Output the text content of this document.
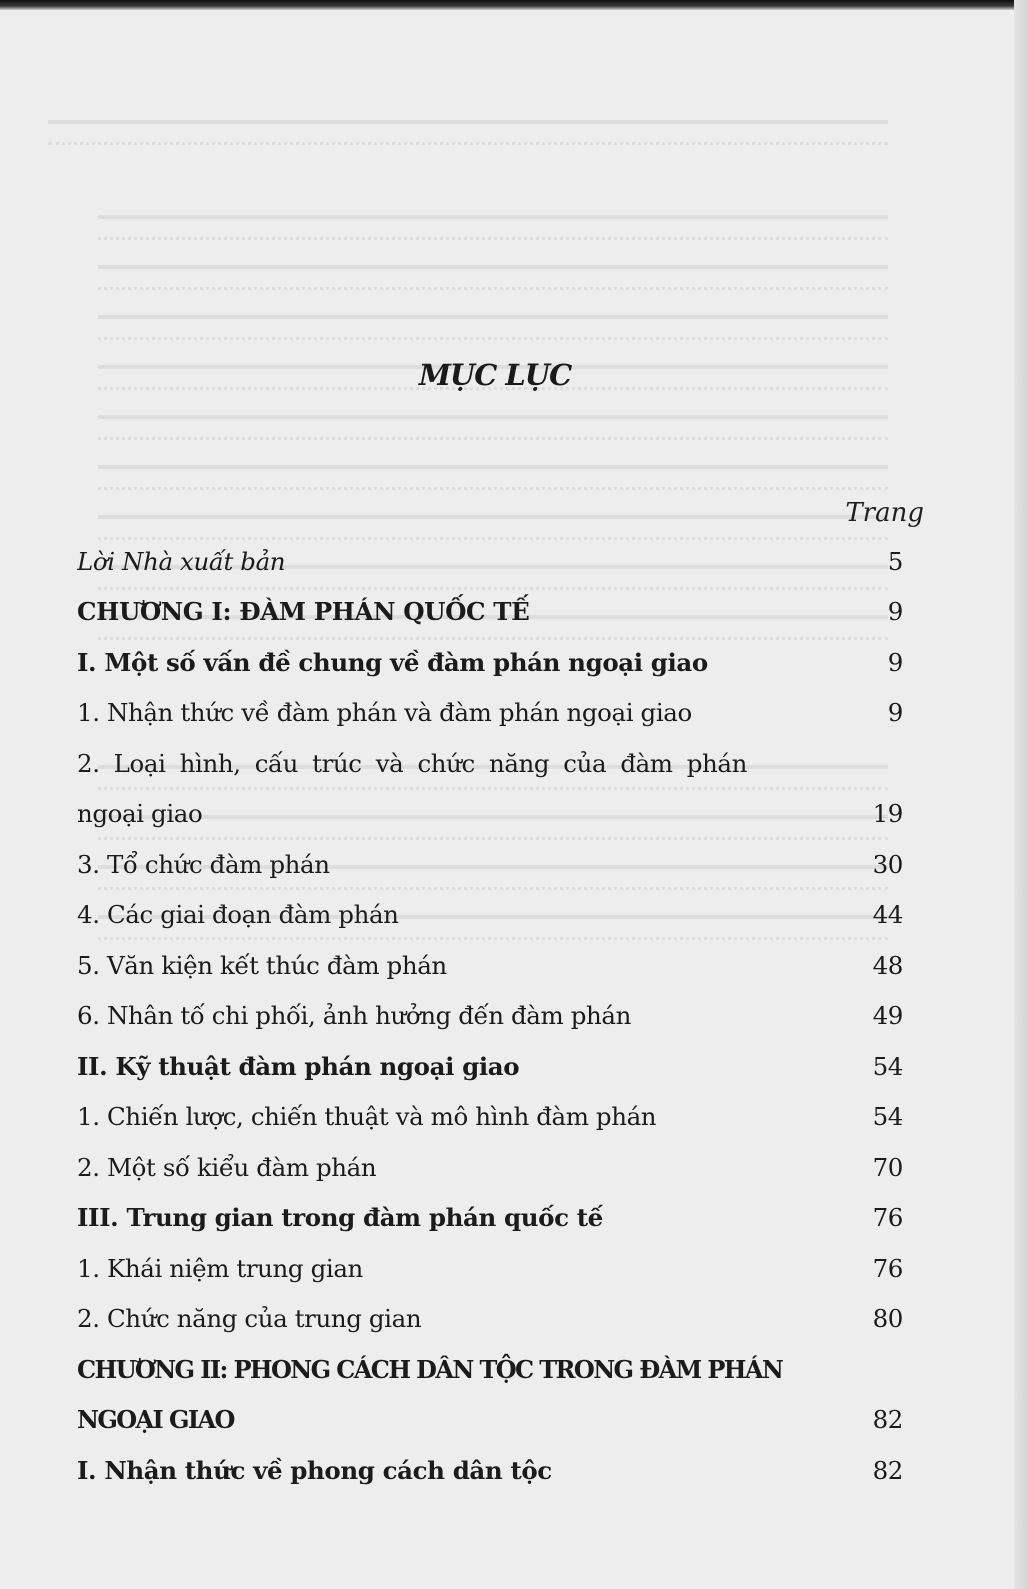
MỤC LỤC
Trang
Lời Nhà xuất bản	5
CHƯƠNG I: ĐÀM PHÁN QUỐC TẾ	9
I. Một số vấn đề chung về đàm phán ngoại giao	9
1. Nhận thức về đàm phán và đàm phán ngoại giao	9
2. Loại hình, cấu trúc và chức năng của đàm phán
ngoại giao	19
3. Tổ chức đàm phán	30
4. Các giai đoạn đàm phán	44
5. Văn kiện kết thúc đàm phán	48
6. Nhân tố chi phối, ảnh hưởng đến đàm phán	49
II. Kỹ thuật đàm phán ngoại giao	54
1. Chiến lược, chiến thuật và mô hình đàm phán	54
2. Một số kiểu đàm phán	70
III. Trung gian trong đàm phán quốc tế	76
1. Khái niệm trung gian	76
2. Chức năng của trung gian	80
CHƯƠNG II: PHONG CÁCH DÂN TỘC TRONG ĐÀM PHÁN
NGOẠI GIAO	82
I. Nhận thức về phong cách dân tộc	82
